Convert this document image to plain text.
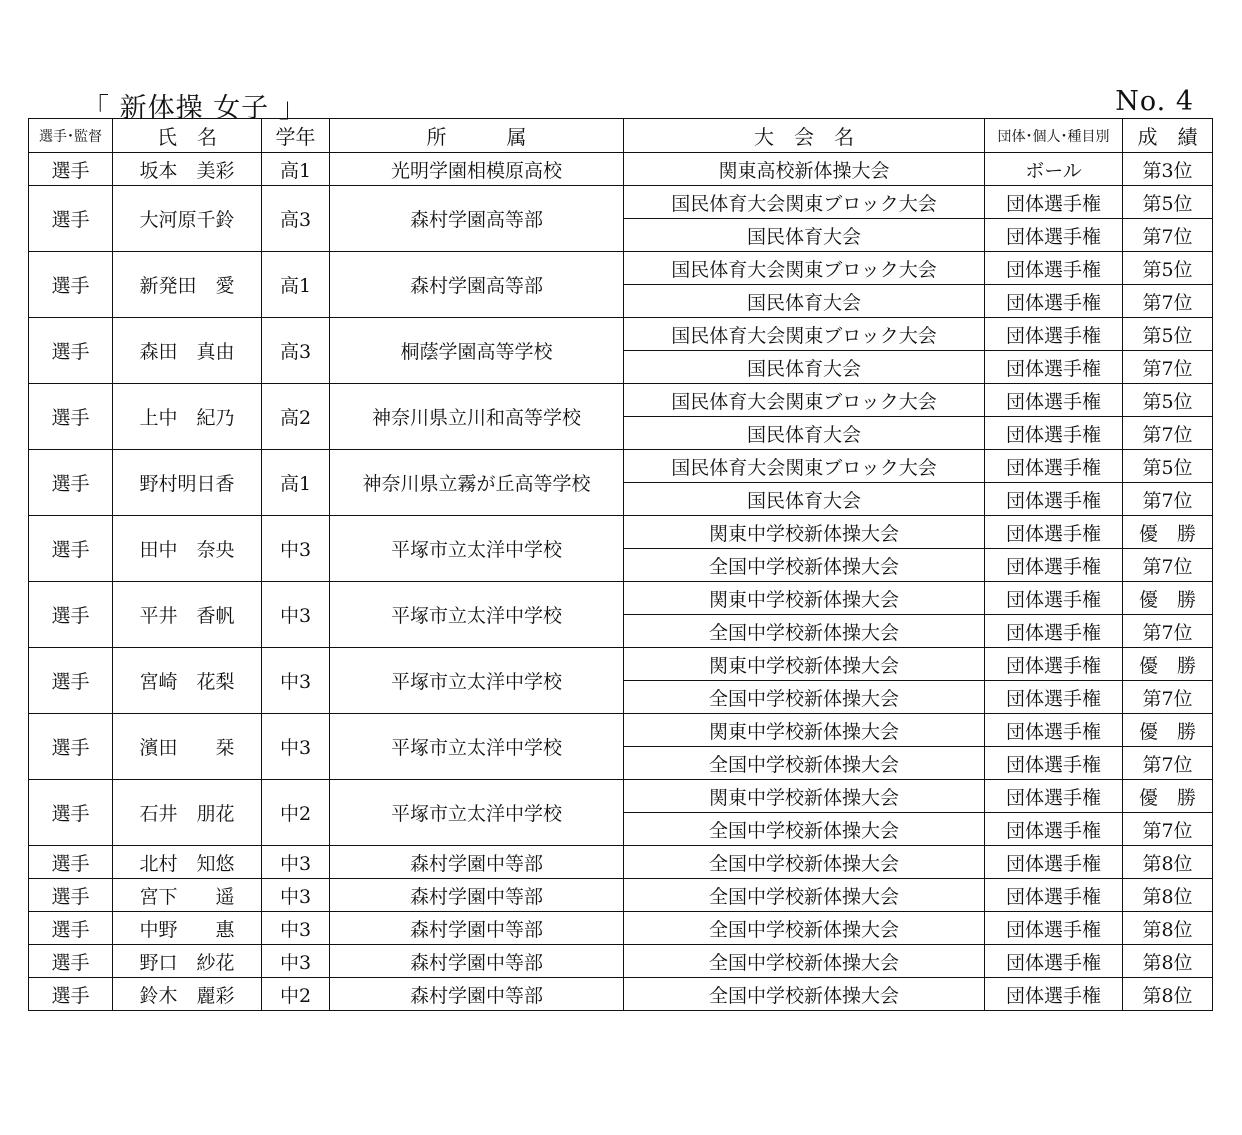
「 新体操 女子 」	No. 4
選手･監督	氏　名	学年	所　　　属	大　会　名	団体･個人･種目別	成　績
選手	坂本　美彩	高1	光明学園相模原高校	関東高校新体操大会	ボール	第3位
選手	大河原千鈴	高3	森村学園高等部	国民体育大会関東ブロック大会	団体選手権	第5位
				国民体育大会	団体選手権	第7位
選手	新発田　愛	高1	森村学園高等部	国民体育大会関東ブロック大会	団体選手権	第5位
				国民体育大会	団体選手権	第7位
選手	森田　真由	高3	桐蔭学園高等学校	国民体育大会関東ブロック大会	団体選手権	第5位
				国民体育大会	団体選手権	第7位
選手	上中　紀乃	高2	神奈川県立川和高等学校	国民体育大会関東ブロック大会	団体選手権	第5位
				国民体育大会	団体選手権	第7位
選手	野村明日香	高1	神奈川県立霧が丘高等学校	国民体育大会関東ブロック大会	団体選手権	第5位
				国民体育大会	団体選手権	第7位
選手	田中　奈央	中3	平塚市立太洋中学校	関東中学校新体操大会	団体選手権	優　勝
				全国中学校新体操大会	団体選手権	第7位
選手	平井　香帆	中3	平塚市立太洋中学校	関東中学校新体操大会	団体選手権	優　勝
				全国中学校新体操大会	団体選手権	第7位
選手	宮崎　花梨	中3	平塚市立太洋中学校	関東中学校新体操大会	団体選手権	優　勝
				全国中学校新体操大会	団体選手権	第7位
選手	濱田　　栞	中3	平塚市立太洋中学校	関東中学校新体操大会	団体選手権	優　勝
				全国中学校新体操大会	団体選手権	第7位
選手	石井　朋花	中2	平塚市立太洋中学校	関東中学校新体操大会	団体選手権	優　勝
				全国中学校新体操大会	団体選手権	第7位
選手	北村　知悠	中3	森村学園中等部	全国中学校新体操大会	団体選手権	第8位
選手	宮下　　遥	中3	森村学園中等部	全国中学校新体操大会	団体選手権	第8位
選手	中野　　惠	中3	森村学園中等部	全国中学校新体操大会	団体選手権	第8位
選手	野口　紗花	中3	森村学園中等部	全国中学校新体操大会	団体選手権	第8位
選手	鈴木　麗彩	中2	森村学園中等部	全国中学校新体操大会	団体選手権	第8位
